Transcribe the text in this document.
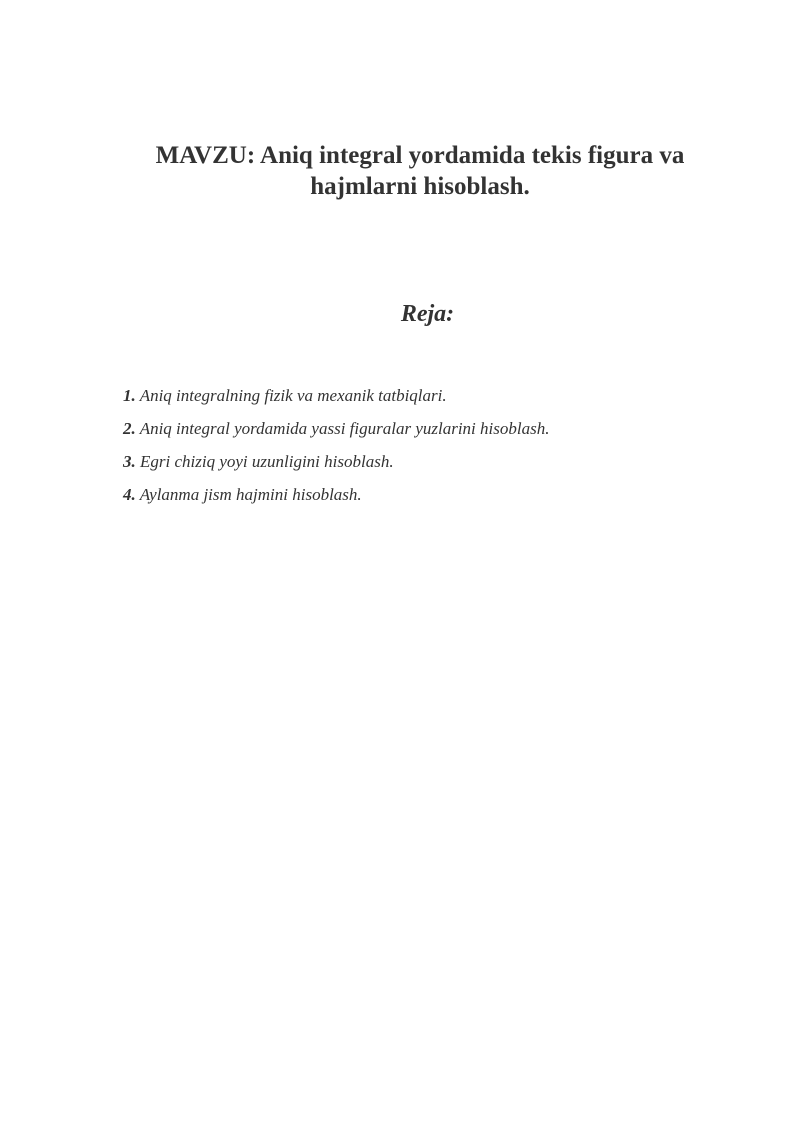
MAVZU: Aniq integral yordamida tekis figura va hajmlarni hisoblash.
Reja:
1. Aniq integralning fizik va mexanik tatbiqlari.
2. Aniq integral yordamida yassi figuralar yuzlarini hisoblash.
3. Egri chiziq yoyi uzunligini hisoblash.
4. Aylanma jism hajmini hisoblash.
